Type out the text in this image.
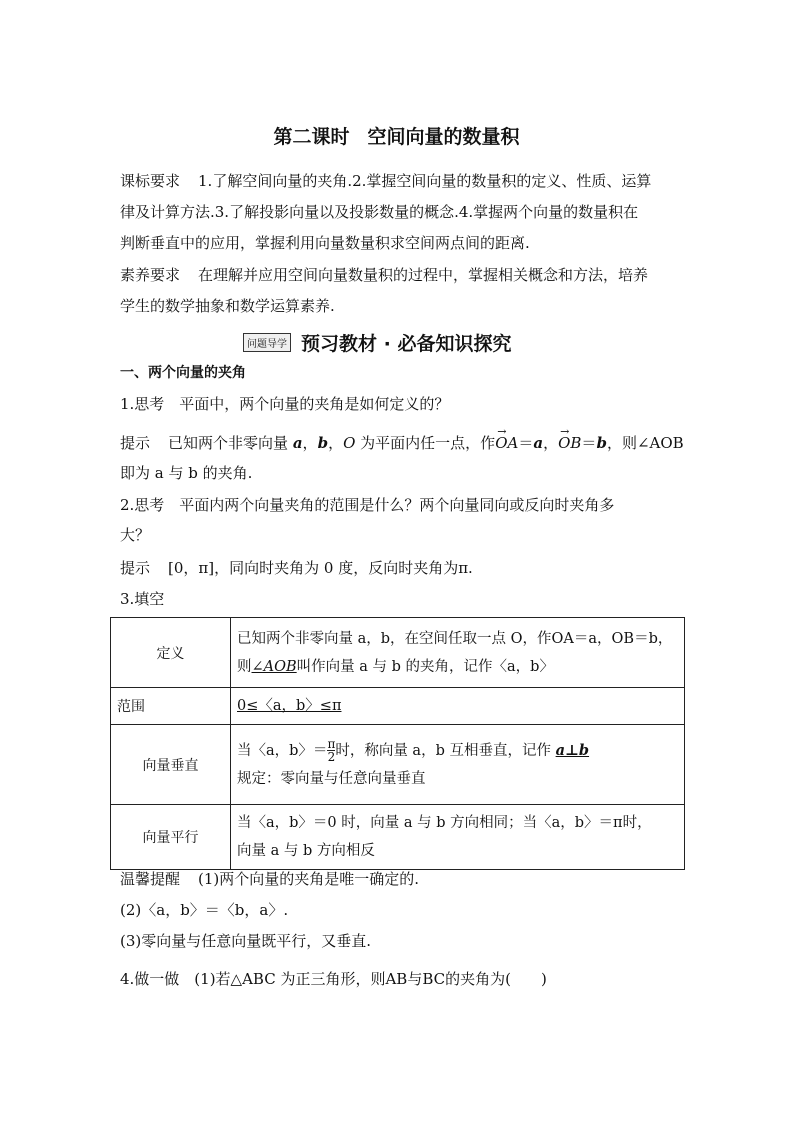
第二课时 空间向量的数量积
课标要求 1.了解空间向量的夹角.2.掌握空间向量的数量积的定义、性质、运算
律及计算方法.3.了解投影向量以及投影数量的概念.4.掌握两个向量的数量积在
判断垂直中的应用，掌握利用向量数量积求空间两点间的距离.
素养要求 在理解并应用空间向量数量积的过程中，掌握相关概念和方法，培养
学生的数学抽象和数学运算素养.
问题导学 预习教材 · 必备知识探究
一、两个向量的夹角
1.思考　平面中，两个向量的夹角是如何定义的？
提示 已知两个非零向量 a，b，O 为平面内任一点，作→ OA＝a，→ OB＝b，则∠AOB
即为 a 与 b 的夹角.
2.思考　平面内两个向量夹角的范围是什么？两个向量同向或反向时夹角多
大？
提示 [0，π]，同向时夹角为 0 度，反向时夹角为π.
3.填空
定义	已知两个非零向量 a，b，在空间任取一点 O，作OA＝a，OB＝b，
则∠AOB叫作向量 a 与 b 的夹角，记作〈a，b〉

范围	0≤〈a，b〉≤π
向量垂直	当〈a，b〉＝ $\frac{\pi}{2}$ 时，称向量 a，b 互相垂直，记作 a⊥b
规定：零向量与任意向量垂直

向量平行	当〈a，b〉＝0 时，向量 a 与 b 方向相同；当〈a，b〉＝π时，
向量 a 与 b 方向相反
温馨提醒 (1)两个向量的夹角是唯一确定的.
(2)〈a，b〉＝〈b，a〉.
(3)零向量与任意向量既平行，又垂直.
4.做一做　(1)若△ABC 为正三角形，则AB与BC的夹角为(　　)
